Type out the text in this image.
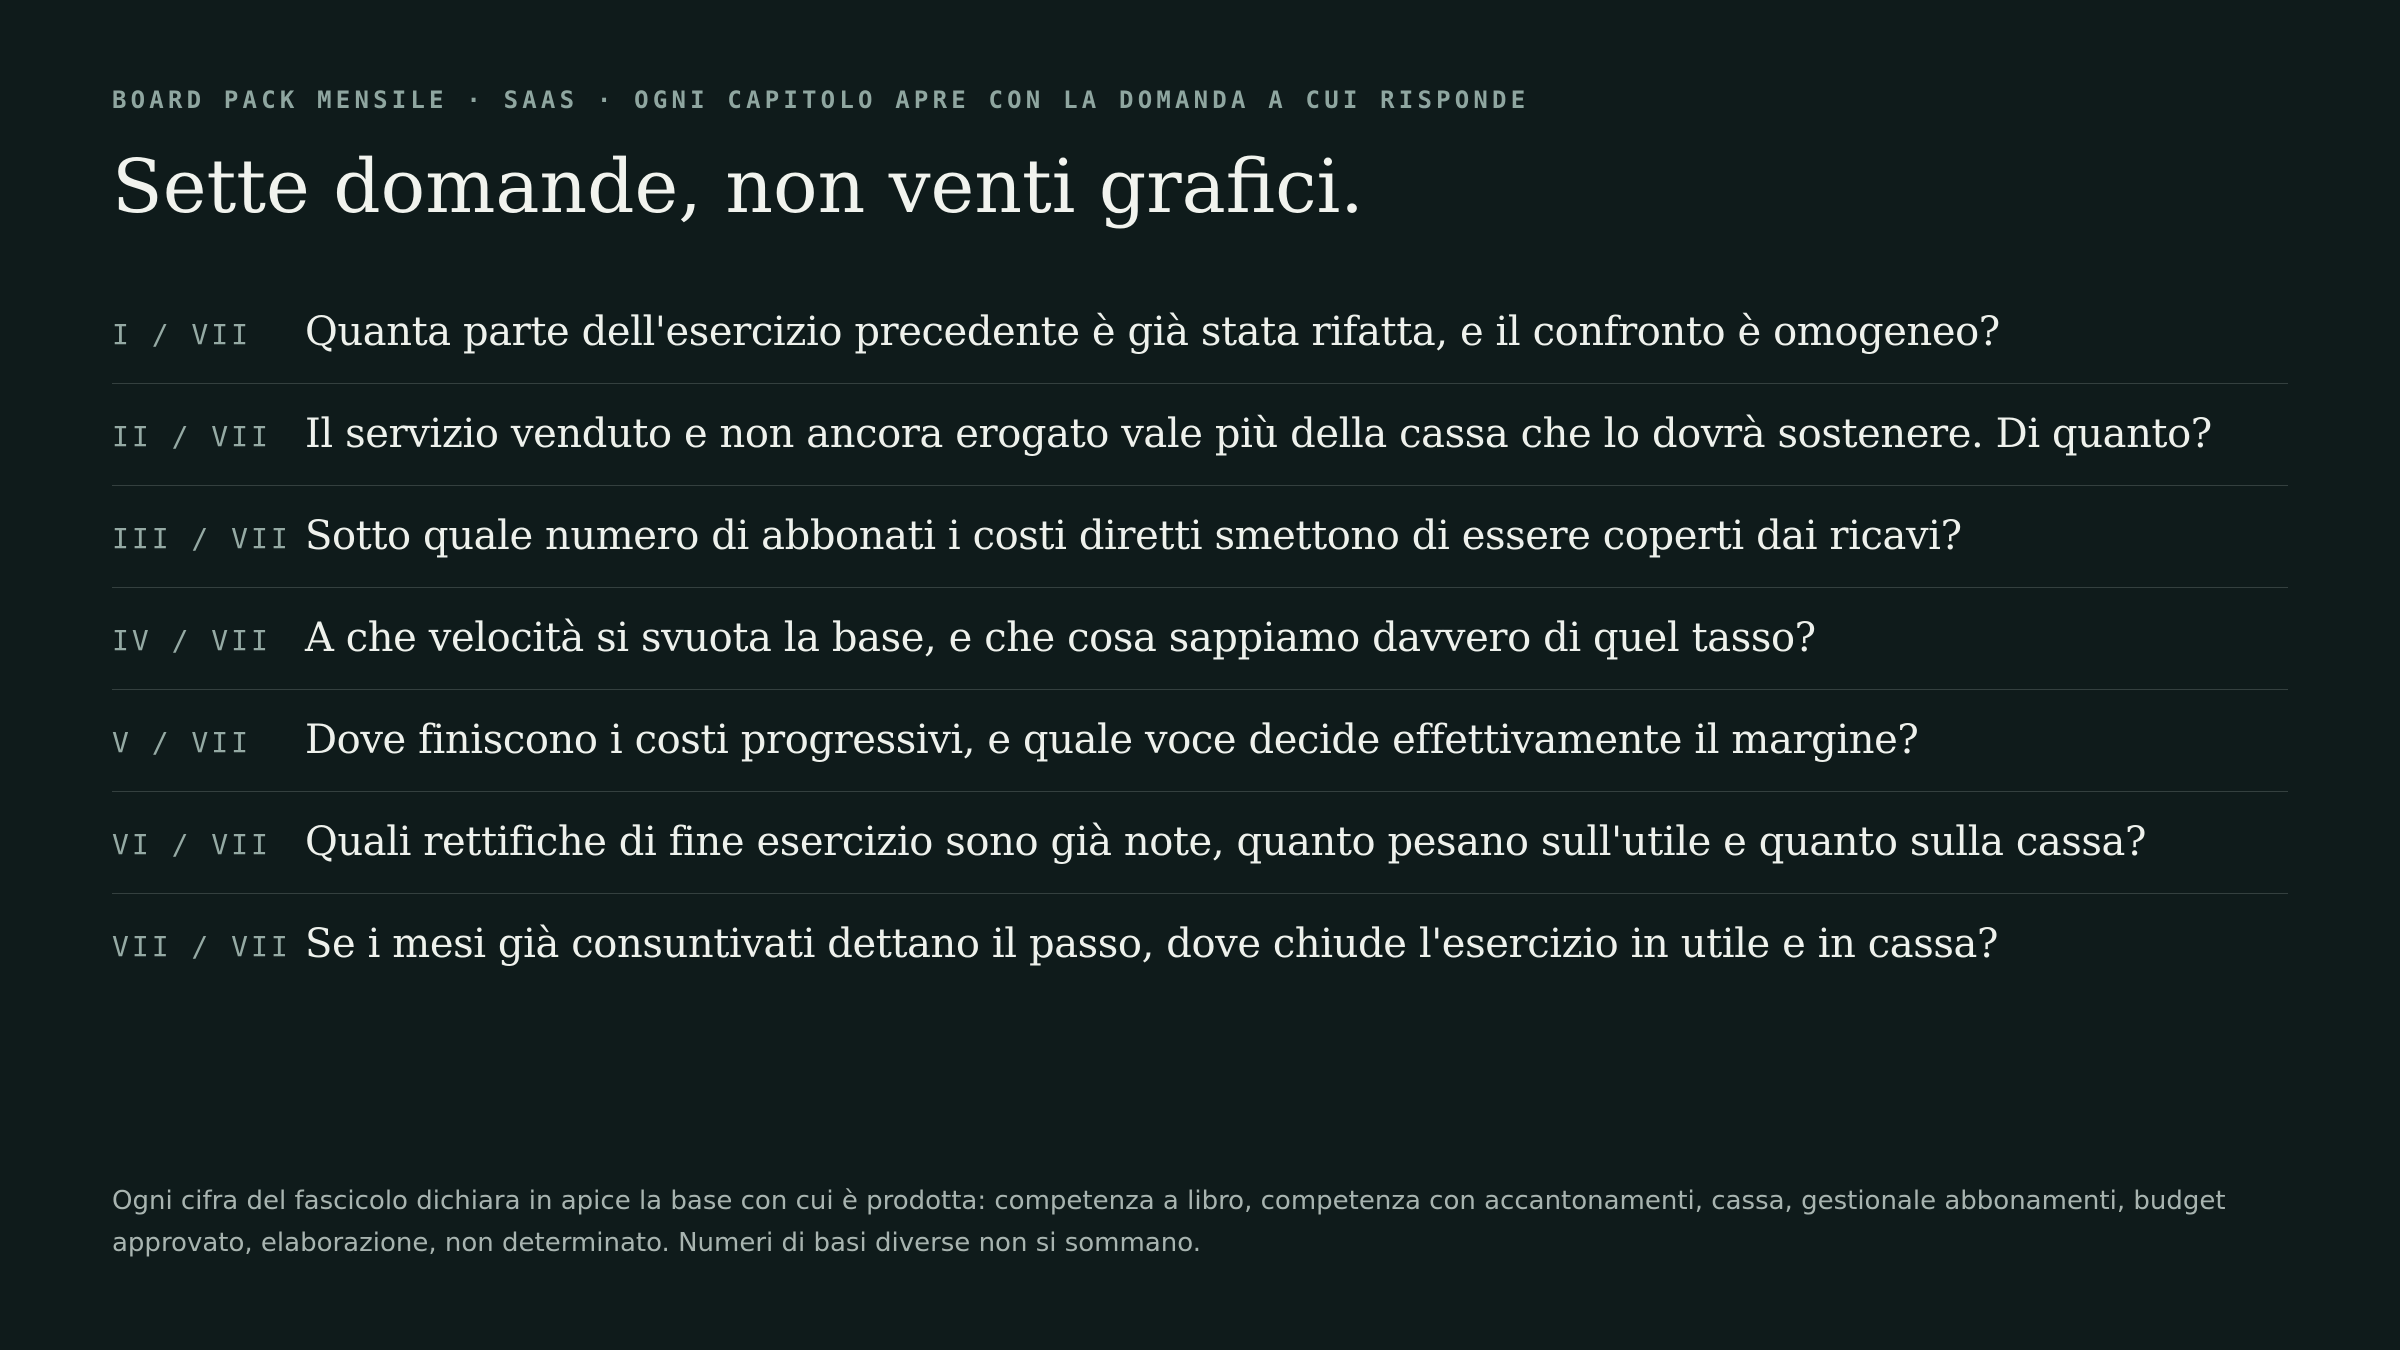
BOARD PACK MENSILE · SAAS · OGNI CAPITOLO APRE CON LA DOMANDA A CUI RISPONDE
Sette domande, non venti grafici.
I / VII Quanta parte dell'esercizio precedente è già stata rifatta, e il confronto è omogeneo?
II / VII Il servizio venduto e non ancora erogato vale più della cassa che lo dovrà sostenere. Di quanto?
III / VII Sotto quale numero di abbonati i costi diretti smettono di essere coperti dai ricavi?
IV / VII A che velocità si svuota la base, e che cosa sappiamo davvero di quel tasso?
V / VII Dove finiscono i costi progressivi, e quale voce decide effettivamente il margine?
VI / VII Quali rettifiche di fine esercizio sono già note, quanto pesano sull'utile e quanto sulla cassa?
VII / VII Se i mesi già consuntivati dettano il passo, dove chiude l'esercizio in utile e in cassa?

Ogni cifra del fascicolo dichiara in apice la base con cui è prodotta: competenza a libro, competenza con accantonamenti, cassa, gestionale abbonamenti, budget approvato, elaborazione, non determinato. Numeri di basi diverse non si sommano.
